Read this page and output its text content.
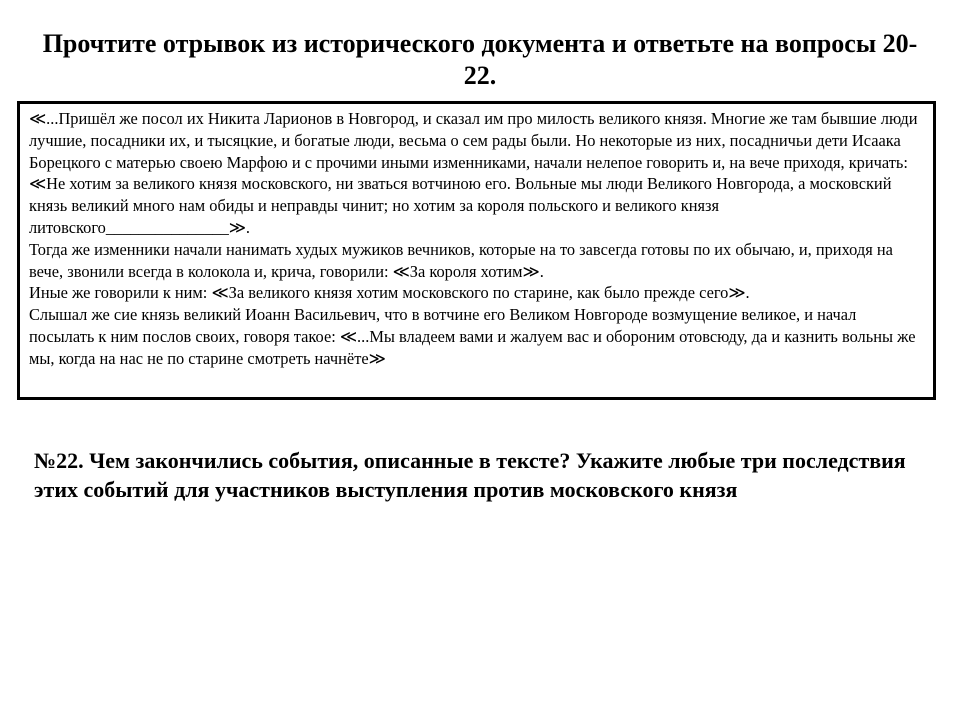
Прочтите отрывок из исторического документа и ответьте на вопросы 20-22.

≪...Пришёл же посол их Никита Ларионов в Новгород, и сказал им про милость великого князя. Многие же там бывшие люди лучшие, посадники их, и тысяцкие, и богатые люди, весьма о сем рады были. Но некоторые из них, посадничьи дети Исаака Борецкого с матерью своею Марфою и с прочими иными изменниками, начали нелепое говорить и, на вече приходя, кричать: ≪Не хотим за великого князя московского, ни зваться вотчиною его. Вольные мы люди Великого Новгорода, а московский князь великий много нам обиды и неправды чинит; но хотим за короля польского и великого князя литовского_______________≫.

Тогда же изменники начали нанимать худых мужиков вечников, которые на то завсегда готовы по их обычаю, и, приходя на вече, звонили всегда в колокола и, крича, говорили: ≪За короля хотим≫.

Иные же говорили к ним: ≪За великого князя хотим московского по старине, как было прежде сего≫.

Слышал же сие князь великий Иоанн Васильевич, что в вотчине его Великом Новгороде возмущение великое, и начал посылать к ним послов своих, говоря такое: ≪...Мы владеем вами и жалуем вас и обороним отовсюду, да и казнить вольны же мы, когда на нас не по старине смотреть начнёте≫

№22. Чем закончились события, описанные в тексте? Укажите любые три последствия этих событий для участников выступления против московского князя
